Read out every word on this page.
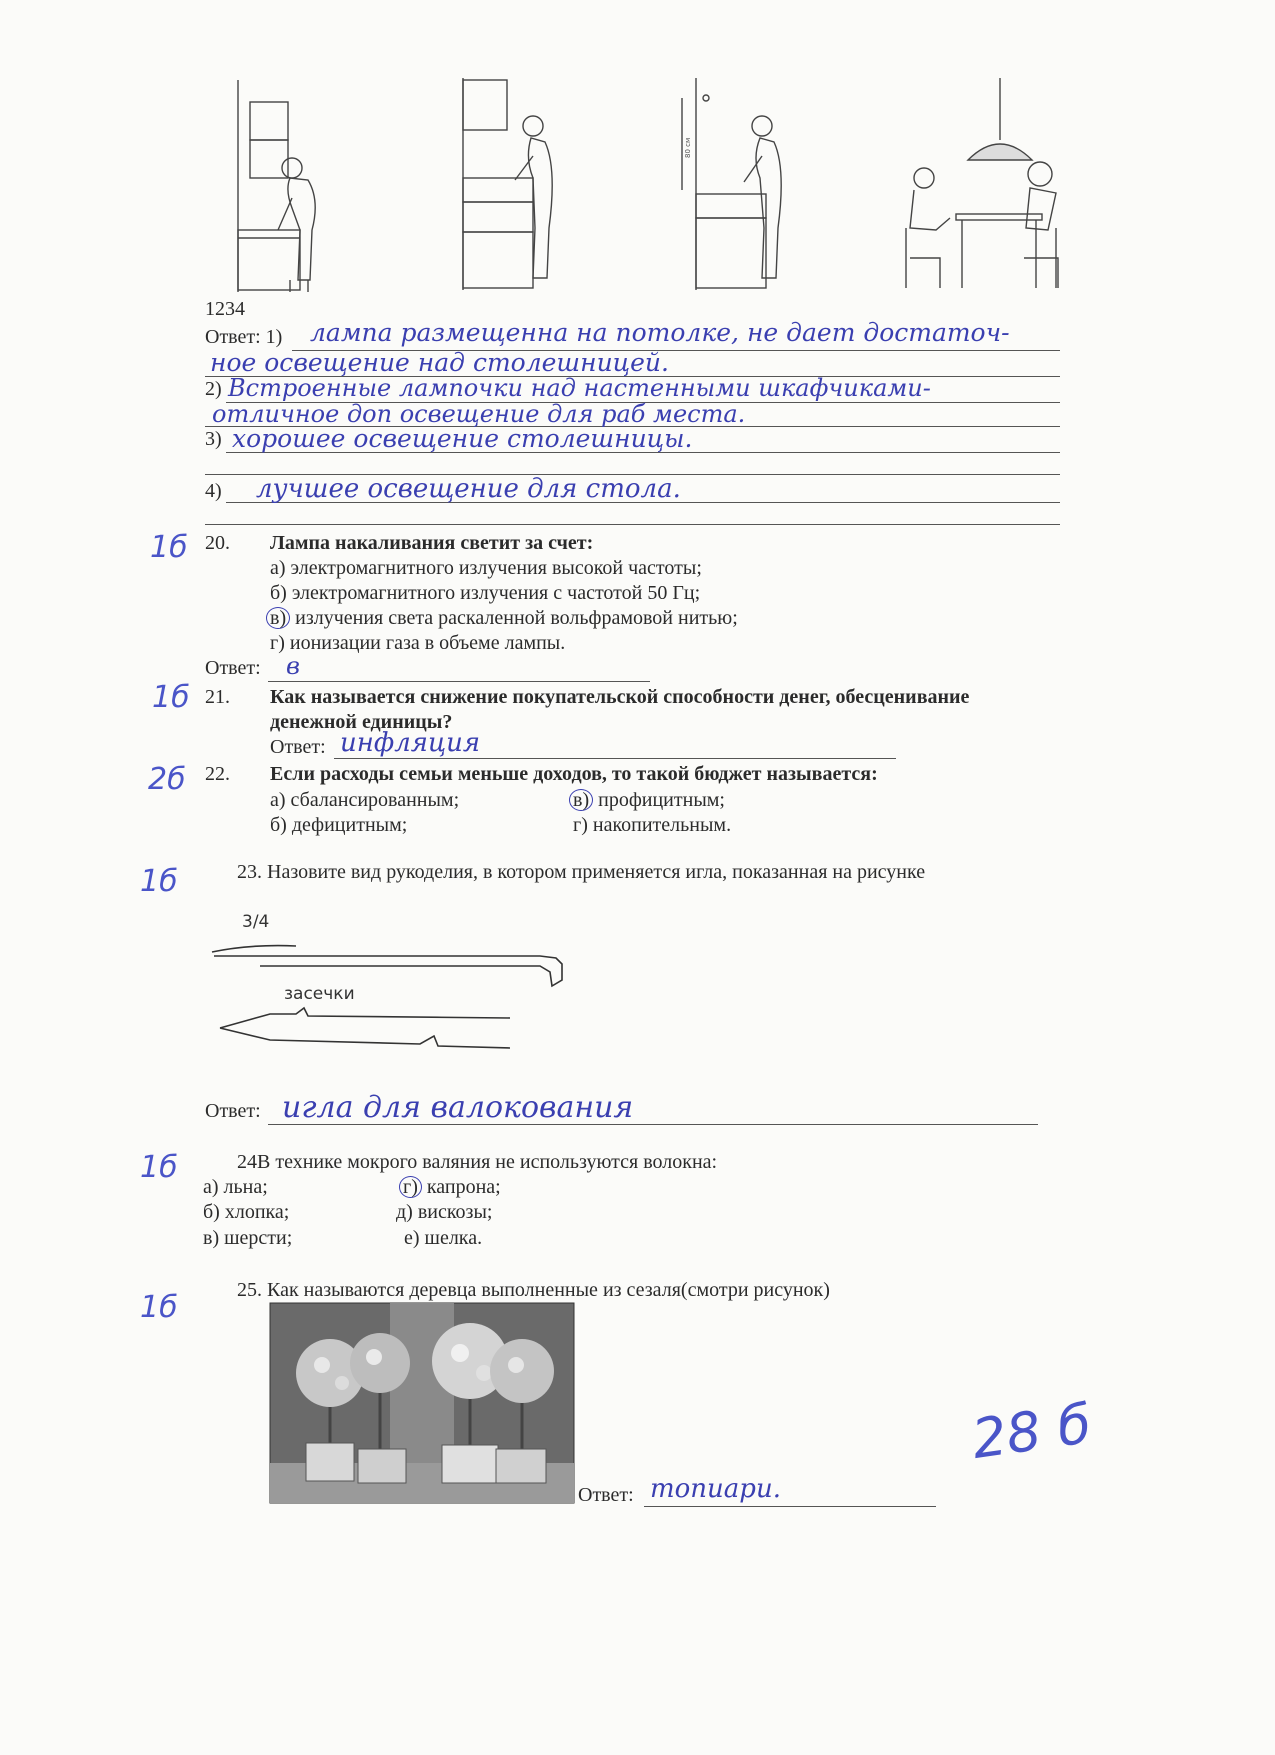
80 см
1234
Ответ: 1) лампа размещенна на потолке, не дает достаточ-
ное освещение над столешницей.
2) Встроенные лампочки над настенными шкафчиками-
отличное доп освещение для раб места.
3) хорошее освещение столешницы.
4) лучшее освещение для стола.
1б 20. Лампа накаливания светит за счет:
а) электромагнитного излучения высокой частоты;
б) электромагнитного излучения с частотой 50 Гц;
в) излучения света раскаленной вольфрамовой нитью;
г) ионизации газа в объеме лампы.
Ответ: в
1б 21. Как называется снижение покупательской способности денег, обесценивание
денежной единицы?
Ответ: инфляция
2б 22. Если расходы семьи меньше доходов, то такой бюджет называется:
а) сбалансированным;	в) профицитным;
б) дефицитным;	г) накопительным.
1б	23. Назовите вид рукоделия, в котором применяется игла, показанная на рисунке
3/4
засечки
Ответ: игла для валокования
1б	24В технике мокрого валяния не используются волокна:
а) льна;	г) капрона;
б) хлопка;	д) вискозы;
в) шерсти;	е) шелка.
1б	25. Как называются деревца выполненные из сезаля(смотри рисунок)
Ответ: топиари.
28 б
